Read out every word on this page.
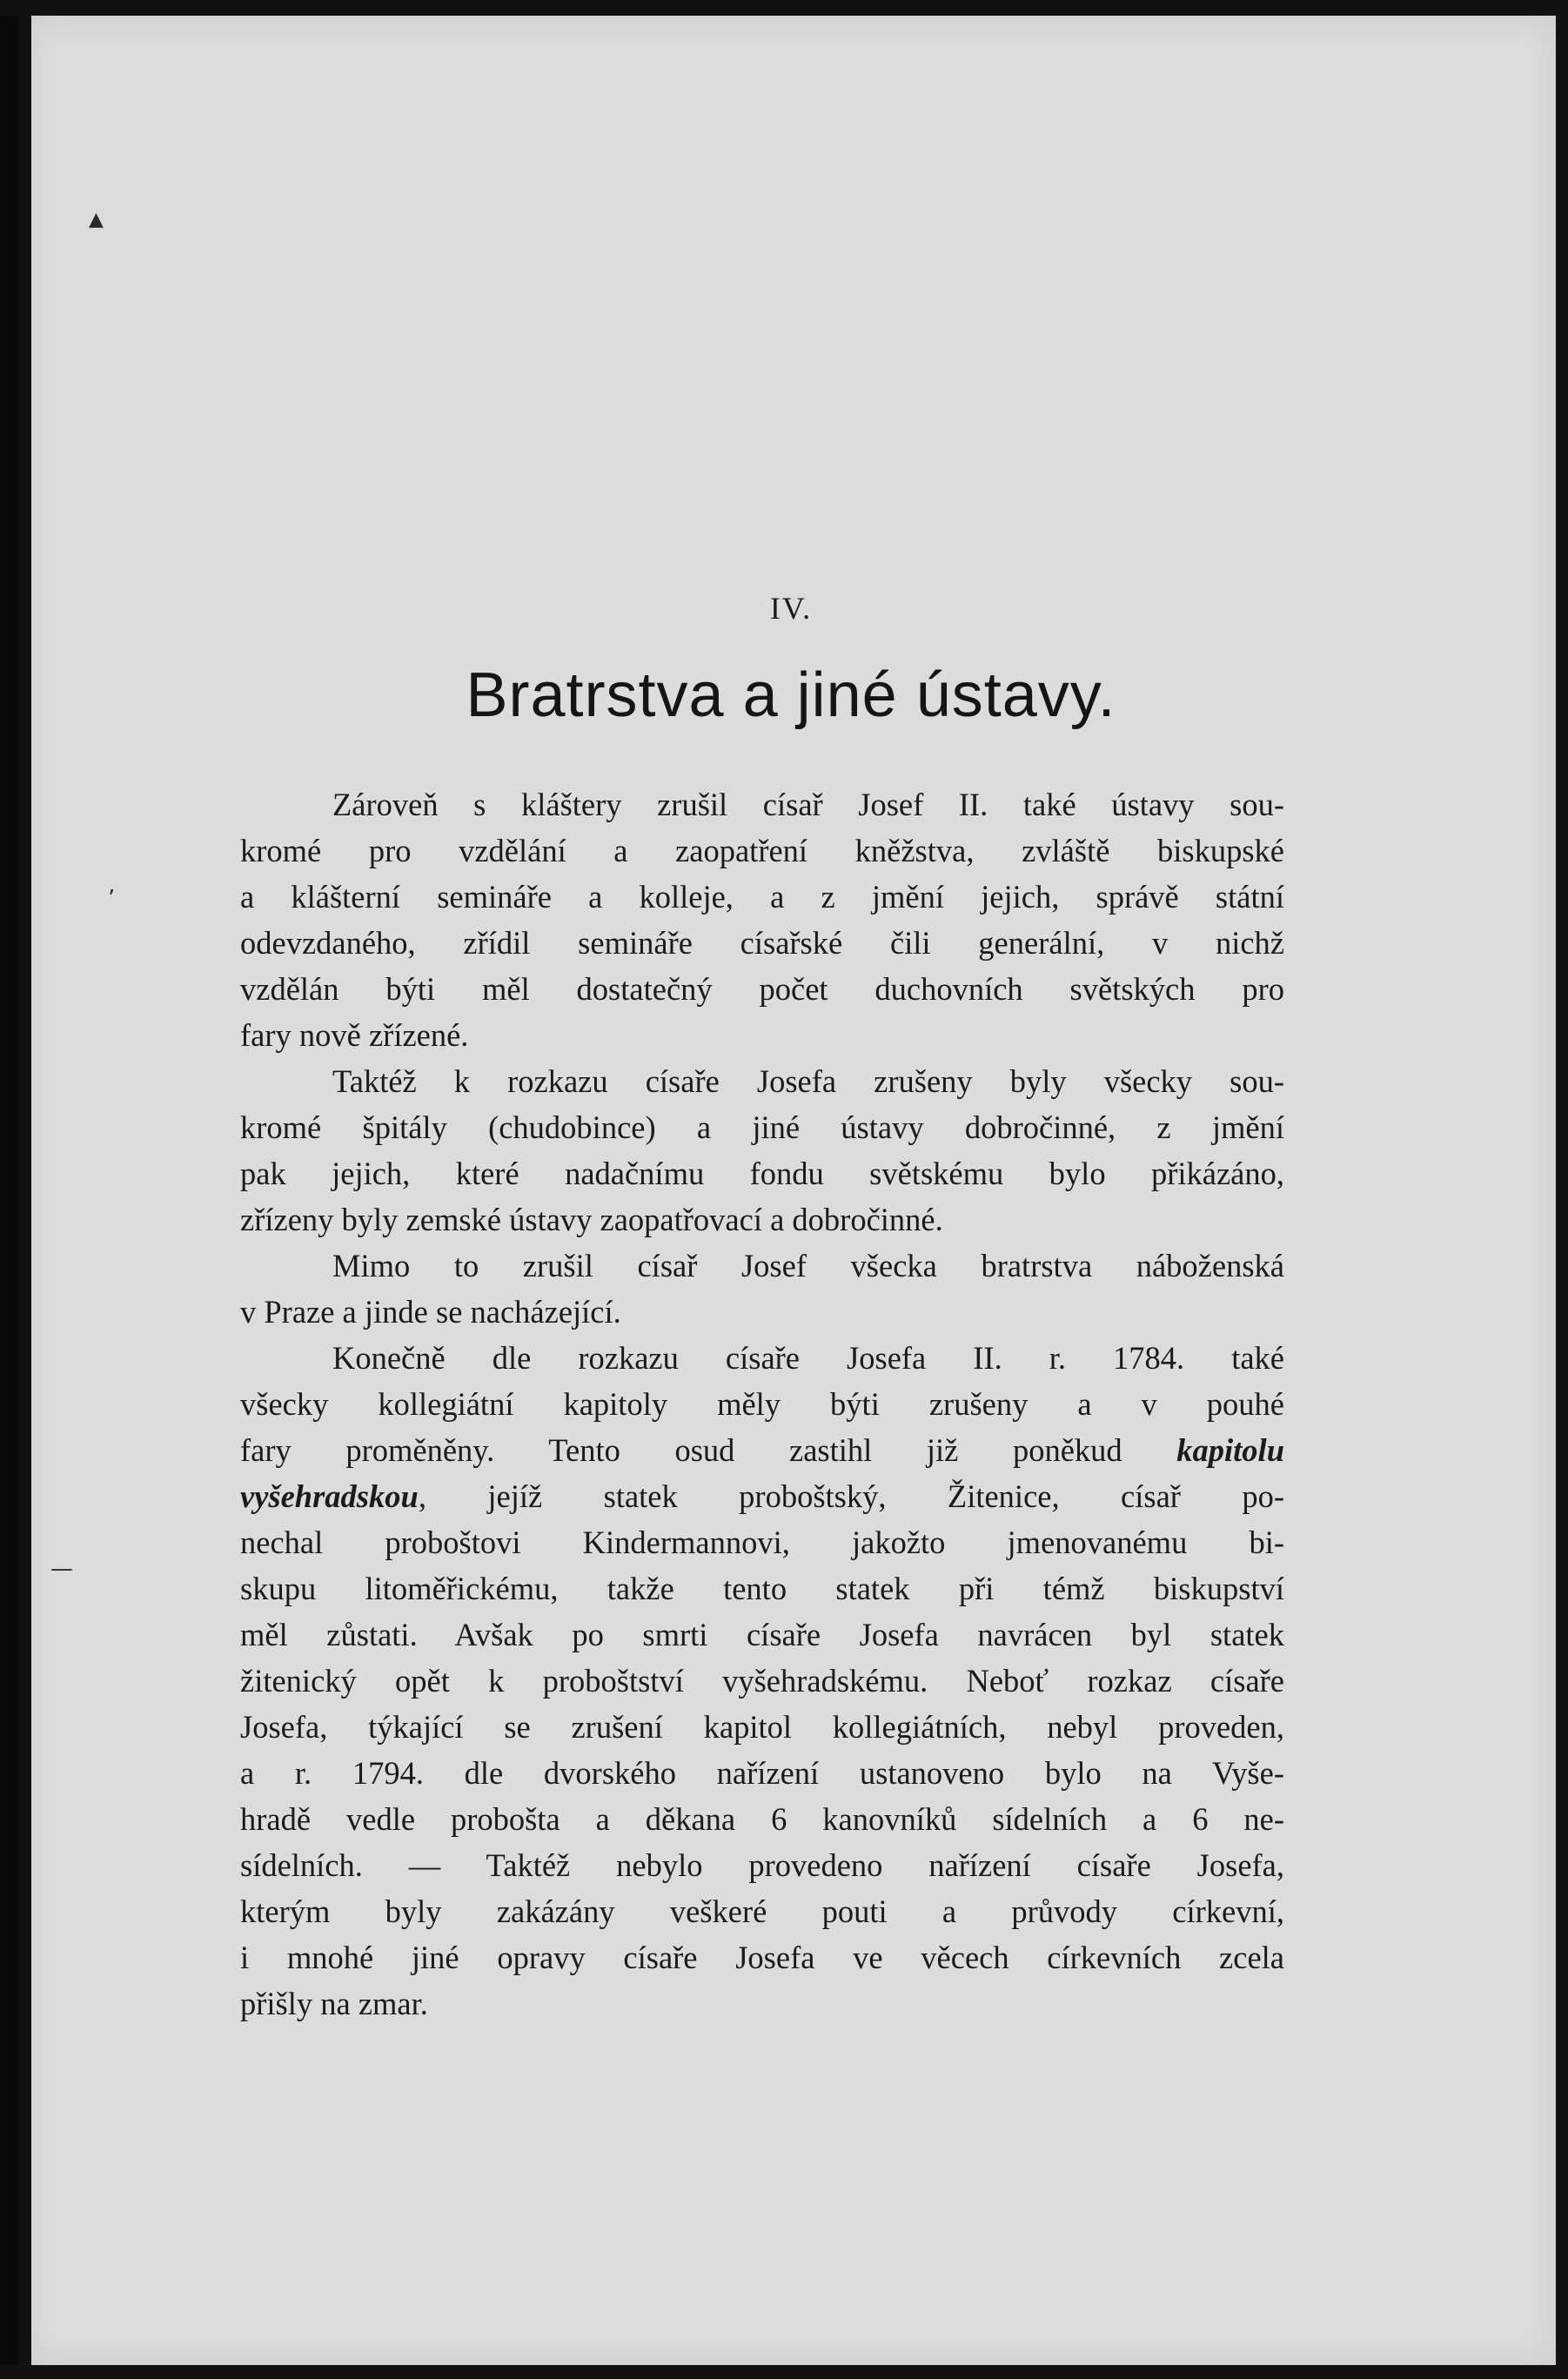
IV.
Bratrstva a jiné ústavy.
Zároveň s kláštery zrušil císař Josef II. také ústavy sou-
kromé pro vzdělání a zaopatření kněžstva, zvláště biskupské
a klášterní semináře a kolleje, a z jmění jejich, správě státní
odevzdaného, zřídil semináře císařské čili generální, v nichž
vzdělán býti měl dostatečný počet duchovních světských pro
fary nově zřízené.
Taktéž k rozkazu císaře Josefa zrušeny byly všecky sou-
kromé špitály (chudobince) a jiné ústavy dobročinné, z jmění
pak jejich, které nadačnímu fondu světskému bylo přikázáno,
zřízeny byly zemské ústavy zaopatřovací a dobročinné.
Mimo to zrušil císař Josef všecka bratrstva náboženská
v Praze a jinde se nacházející.
Konečně dle rozkazu císaře Josefa II. r. 1784. také
všecky kollegiátní kapitoly měly býti zrušeny a v pouhé
fary proměněny. Tento osud zastihl již poněkud kapitolu
vyšehradskou, jejíž statek proboštský, Žitenice, císař po-
nechal proboštovi Kindermannovi, jakožto jmenovanému bi-
skupu litoměřickému, takže tento statek při témž biskupství
měl zůstati. Avšak po smrti císaře Josefa navrácen byl statek
žitenický opět k proboštství vyšehradskému. Neboť rozkaz císaře
Josefa, týkající se zrušení kapitol kollegiátních, nebyl proveden,
a r. 1794. dle dvorského nařízení ustanoveno bylo na Vyše-
hradě vedle probošta a děkana 6 kanovníků sídelních a 6 ne-
sídelních. — Taktéž nebylo provedeno nařízení císaře Josefa,
kterým byly zakázány veškeré pouti a průvody církevní,
i mnohé jiné opravy císaře Josefa ve věcech církevních zcela
přišly na zmar.
▲
’
—
